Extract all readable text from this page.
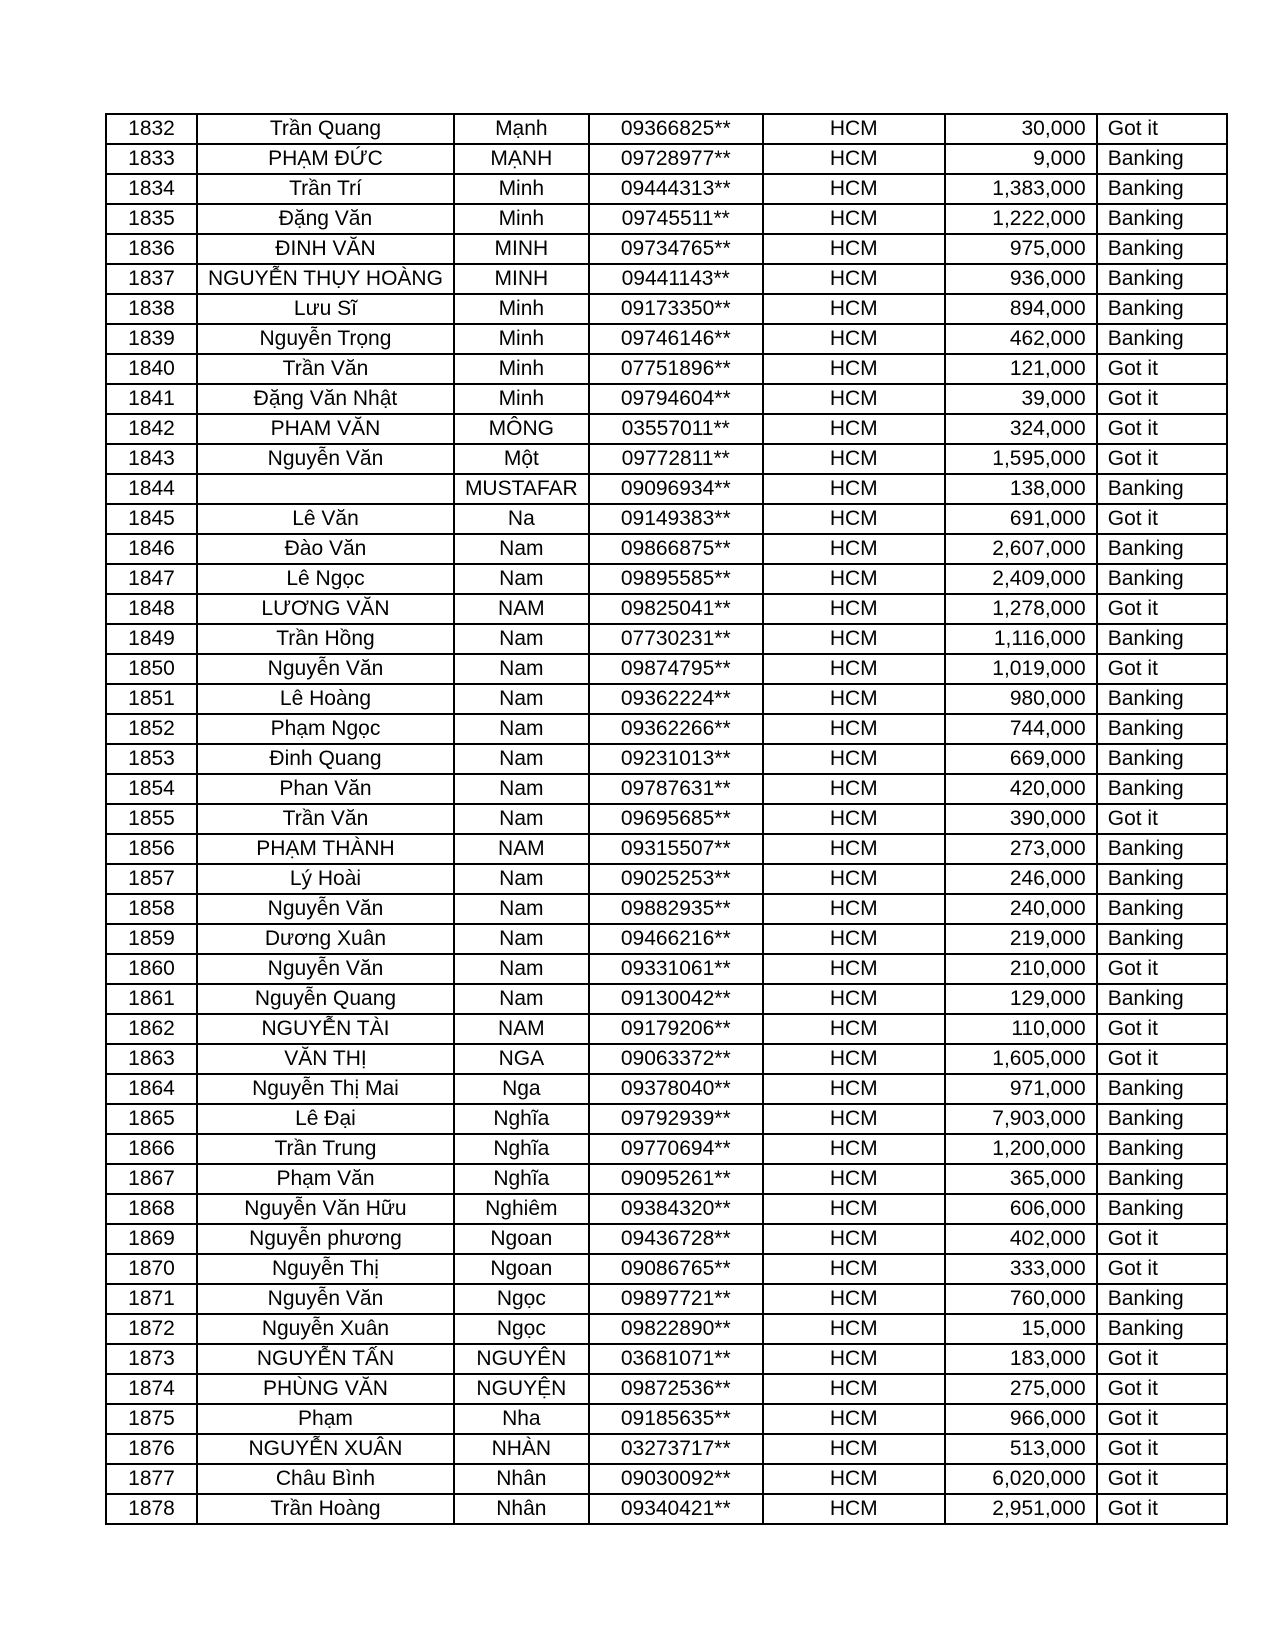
1832	Trần Quang	Mạnh	09366825**	HCM	30,000	Got it
1833	PHẠM ĐỨC	MẠNH	09728977**	HCM	9,000	Banking
1834	Trần Trí	Minh	09444313**	HCM	1,383,000	Banking
1835	Đặng Văn	Minh	09745511**	HCM	1,222,000	Banking
1836	ĐINH VĂN	MINH	09734765**	HCM	975,000	Banking
1837	NGUYỄN THỤY HOÀNG	MINH	09441143**	HCM	936,000	Banking
1838	Lưu Sĩ	Minh	09173350**	HCM	894,000	Banking
1839	Nguyễn Trọng	Minh	09746146**	HCM	462,000	Banking
1840	Trần Văn	Minh	07751896**	HCM	121,000	Got it
1841	Đặng Văn Nhật	Minh	09794604**	HCM	39,000	Got it
1842	PHAM VĂN	MÔNG	03557011**	HCM	324,000	Got it
1843	Nguyễn Văn	Một	09772811**	HCM	1,595,000	Got it
1844		MUSTAFAR	09096934**	HCM	138,000	Banking
1845	Lê Văn	Na	09149383**	HCM	691,000	Got it
1846	Đào Văn	Nam	09866875**	HCM	2,607,000	Banking
1847	Lê Ngọc	Nam	09895585**	HCM	2,409,000	Banking
1848	LƯƠNG VĂN	NAM	09825041**	HCM	1,278,000	Got it
1849	Trần Hồng	Nam	07730231**	HCM	1,116,000	Banking
1850	Nguyễn Văn	Nam	09874795**	HCM	1,019,000	Got it
1851	Lê Hoàng	Nam	09362224**	HCM	980,000	Banking
1852	Phạm Ngọc	Nam	09362266**	HCM	744,000	Banking
1853	Đinh Quang	Nam	09231013**	HCM	669,000	Banking
1854	Phan Văn	Nam	09787631**	HCM	420,000	Banking
1855	Trần Văn	Nam	09695685**	HCM	390,000	Got it
1856	PHẠM THÀNH	NAM	09315507**	HCM	273,000	Banking
1857	Lý Hoài	Nam	09025253**	HCM	246,000	Banking
1858	Nguyễn Văn	Nam	09882935**	HCM	240,000	Banking
1859	Dương Xuân	Nam	09466216**	HCM	219,000	Banking
1860	Nguyễn Văn	Nam	09331061**	HCM	210,000	Got it
1861	Nguyễn Quang	Nam	09130042**	HCM	129,000	Banking
1862	NGUYỄN TÀI	NAM	09179206**	HCM	110,000	Got it
1863	VĂN THỊ	NGA	09063372**	HCM	1,605,000	Got it
1864	Nguyễn Thị Mai	Nga	09378040**	HCM	971,000	Banking
1865	Lê Đại	Nghĩa	09792939**	HCM	7,903,000	Banking
1866	Trần Trung	Nghĩa	09770694**	HCM	1,200,000	Banking
1867	Phạm Văn	Nghĩa	09095261**	HCM	365,000	Banking
1868	Nguyễn Văn Hữu	Nghiêm	09384320**	HCM	606,000	Banking
1869	Nguyễn phương	Ngoan	09436728**	HCM	402,000	Got it
1870	Nguyễn Thị	Ngoan	09086765**	HCM	333,000	Got it
1871	Nguyễn Văn	Ngọc	09897721**	HCM	760,000	Banking
1872	Nguyễn Xuân	Ngọc	09822890**	HCM	15,000	Banking
1873	NGUYỄN TẤN	NGUYÊN	03681071**	HCM	183,000	Got it
1874	PHÙNG VĂN	NGUYỆN	09872536**	HCM	275,000	Got it
1875	Phạm	Nha	09185635**	HCM	966,000	Got it
1876	NGUYỄN XUÂN	NHÀN	03273717**	HCM	513,000	Got it
1877	Châu Bình	Nhân	09030092**	HCM	6,020,000	Got it
1878	Trần Hoàng	Nhân	09340421**	HCM	2,951,000	Got it
